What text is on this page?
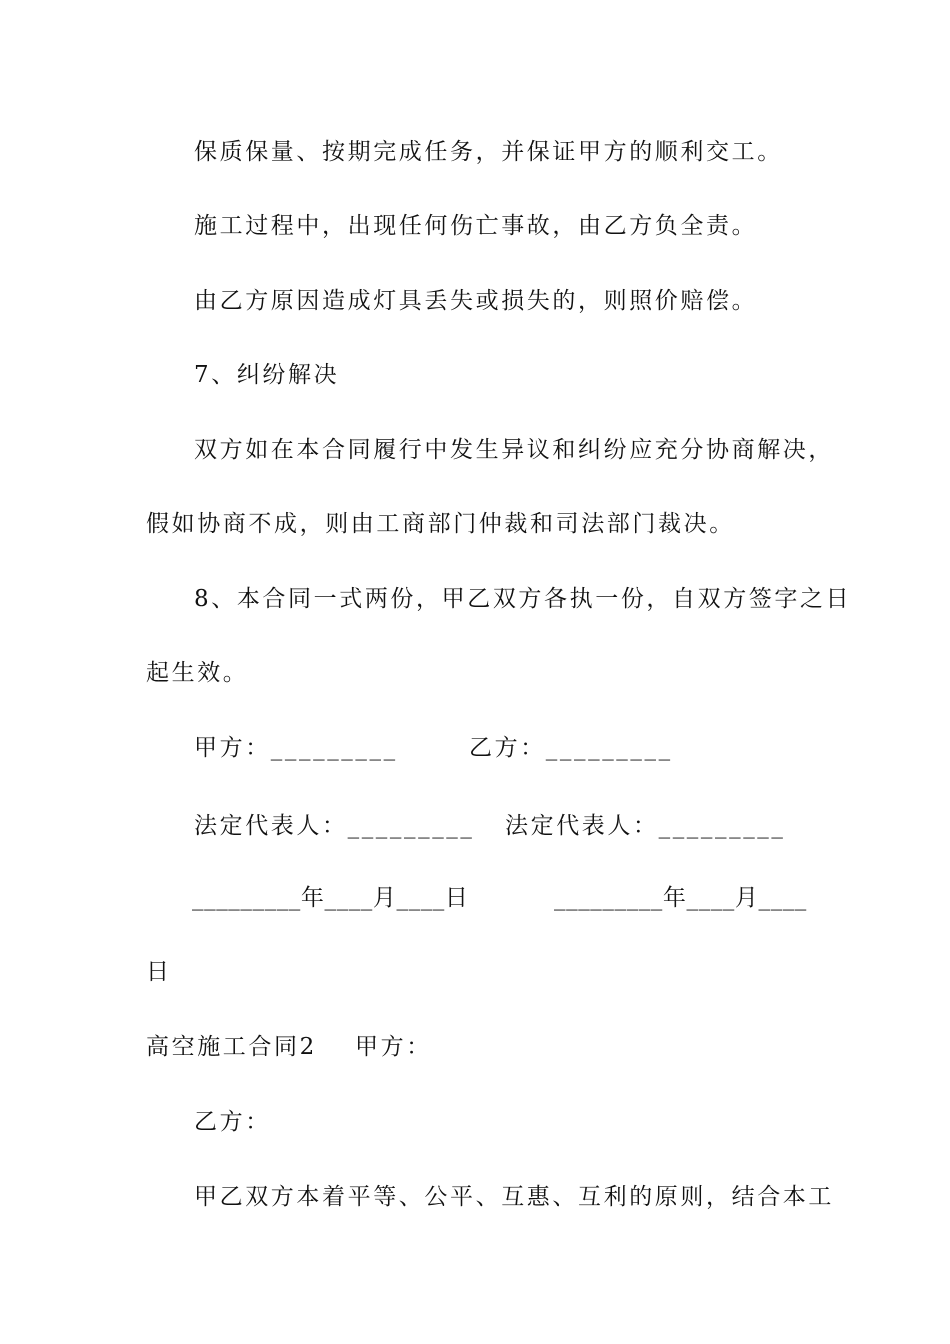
保质保量、按期完成任务，并保证甲方的顺利交工。
施工过程中，出现任何伤亡事故，由乙方负全责。
由乙方原因造成灯具丢失或损失的，则照价赔偿。
7、纠纷解决
双方如在本合同履行中发生异议和纠纷应充分协商解决，
假如协商不成，则由工商部门仲裁和司法部门裁决。
8、本合同一式两份，甲乙双方各执一份，自双方签字之日
起生效。
甲方：_________	乙方：_________
法定代表人：_________ 法定代表人：_________
_________年____月____日	_________年____月____
日
高空施工合同2 甲方：
乙方：
甲乙双方本着平等、公平、互惠、互利的原则，结合本工
